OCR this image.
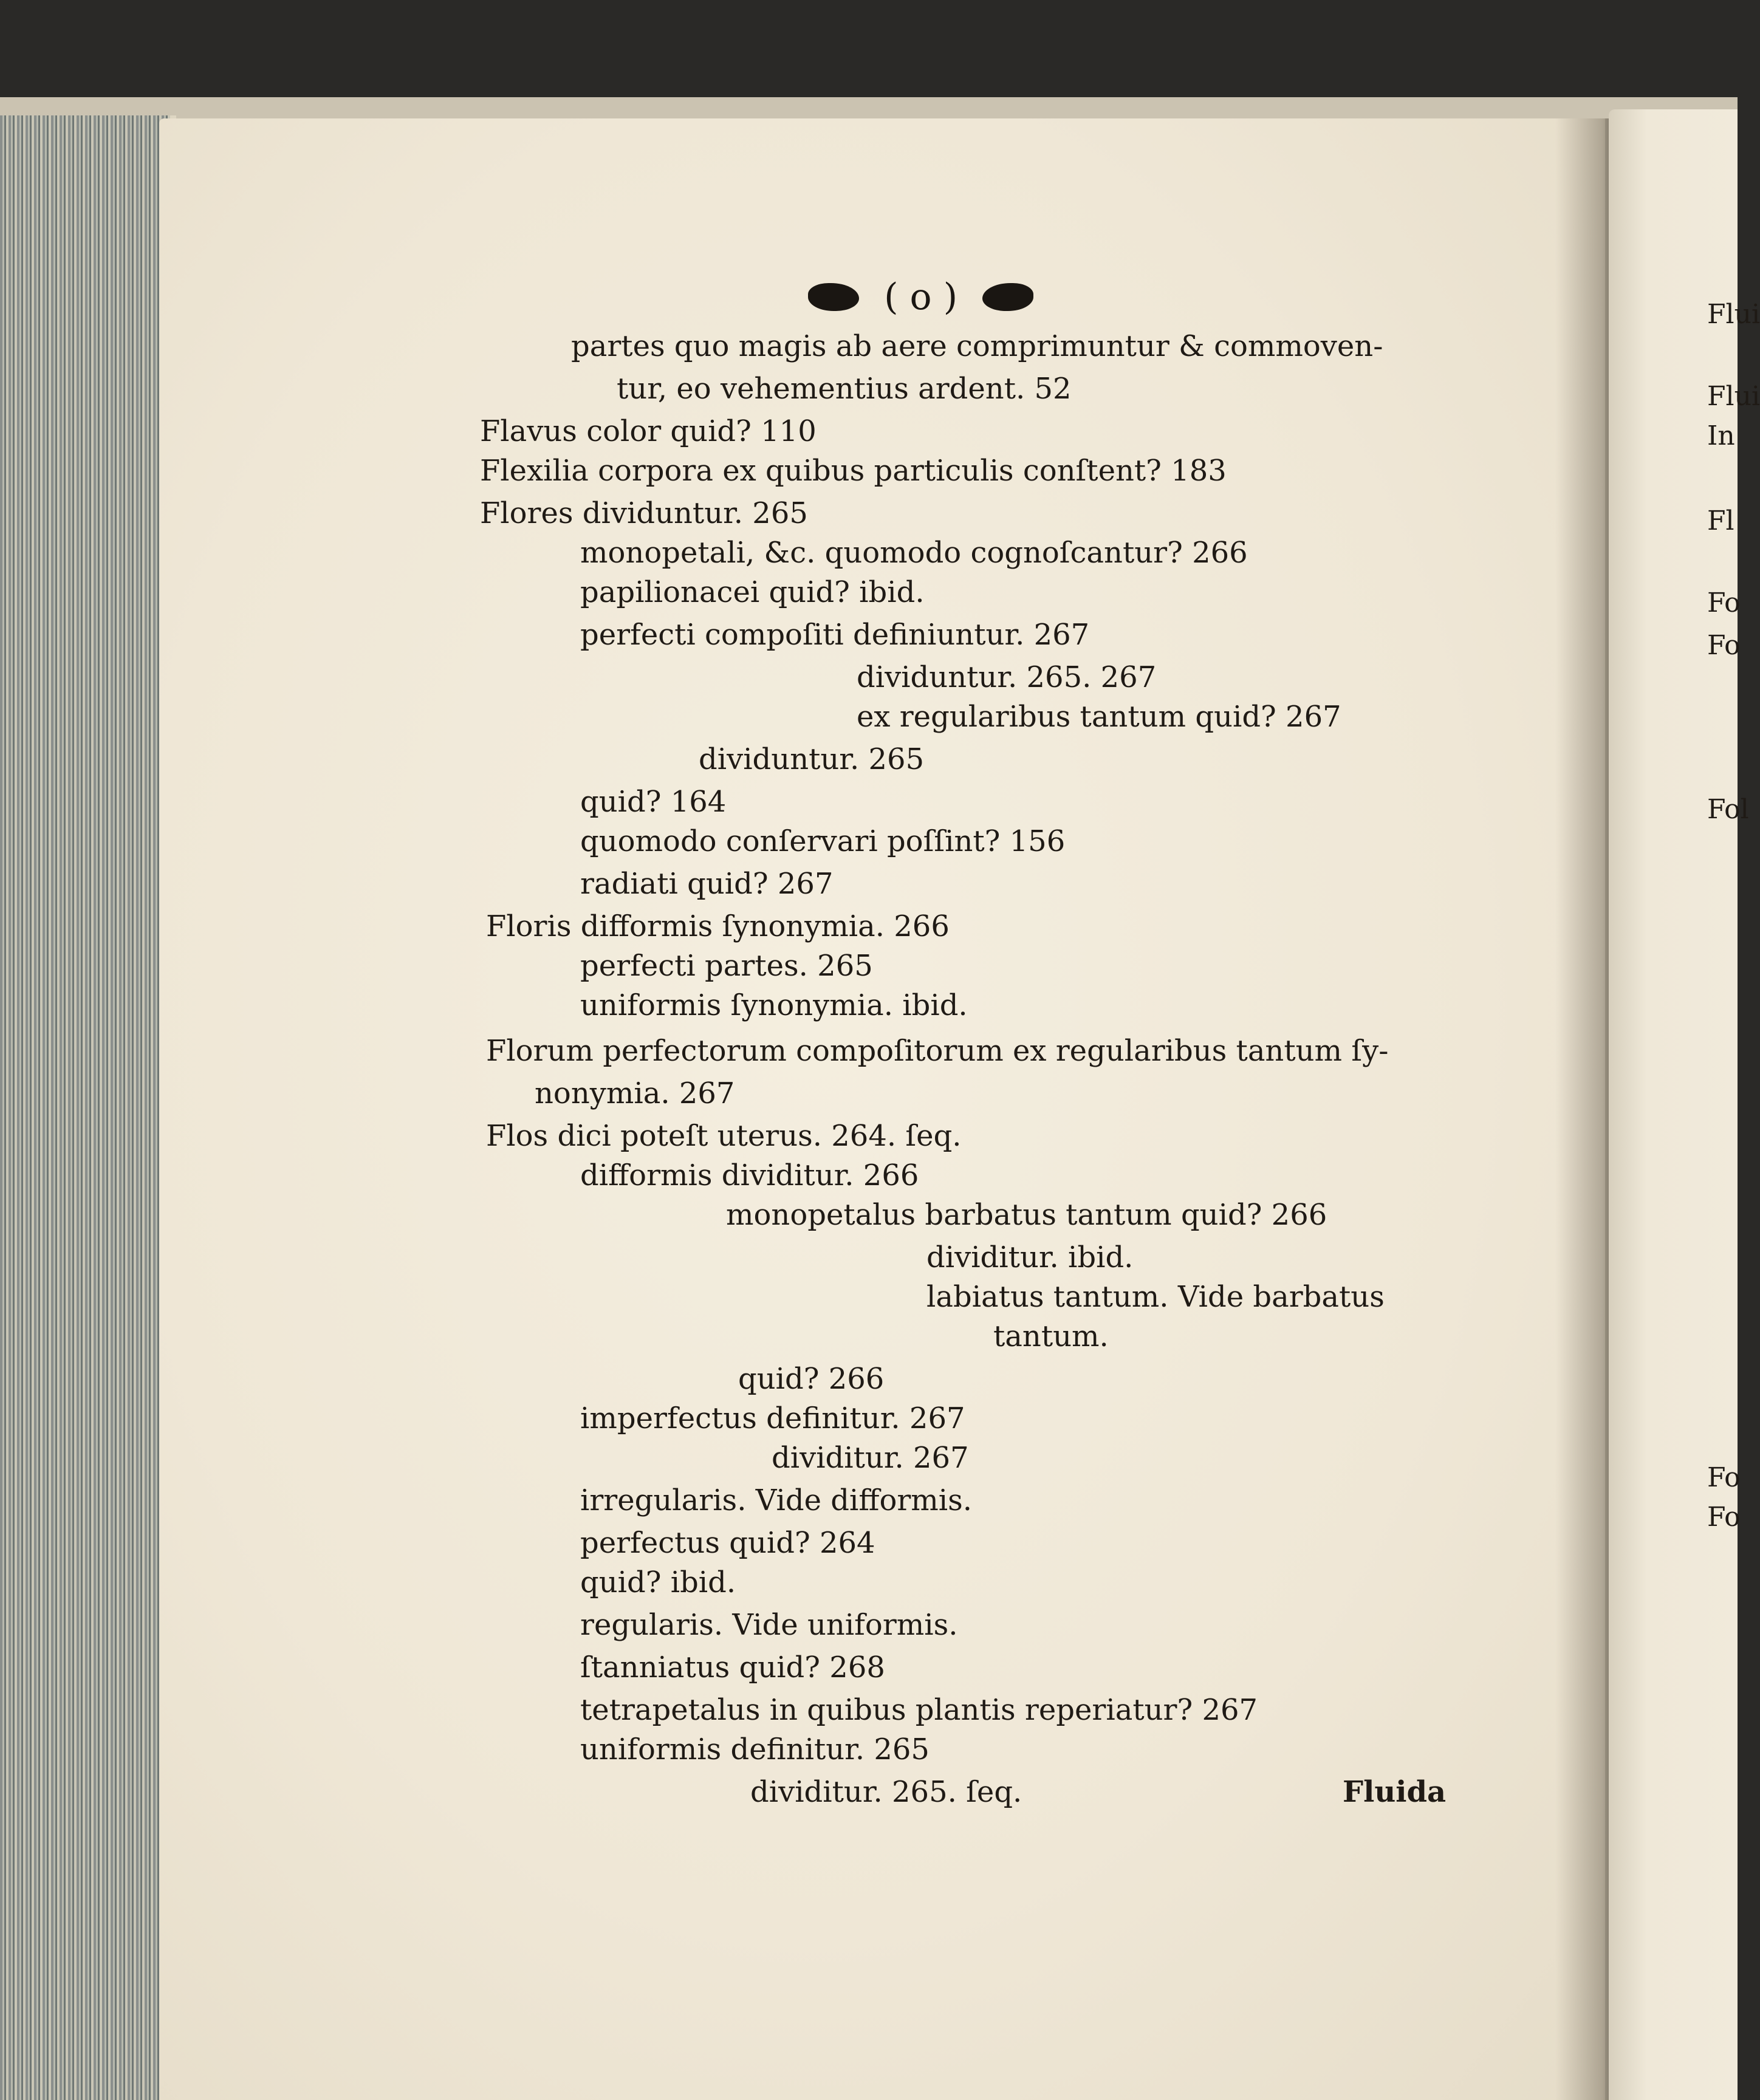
( o )

partes quo magis ab aere comprimuntur & commoven-

tur, eo vehementius ardent. 52

Flavus color quid? 110

Flexilia corpora ex quibus particulis conſtent? 183

Flores dividuntur. 265

monopetali, &c. quomodo cognoſcantur? 266

papilionacei quid? ibid.

perfecti compoſiti definiuntur. 267

dividuntur. 265. 267

ex regularibus tantum quid? 267

dividuntur. 265

quid? 164

quomodo conſervari poſſint? 156

radiati quid? 267

Floris difformis ſynonymia. 266

perfecti partes. 265

uniformis ſynonymia. ibid.

Florum perfectorum compoſitorum ex regularibus tantum ſy-

nonymia. 267

Flos dici poteſt uterus. 264. ſeq.

difformis dividitur. 266

monopetalus barbatus tantum quid? 266

dividitur. ibid.

labiatus tantum. Vide barbatus

tantum.

quid? 266

imperfectus definitur. 267

dividitur. 267

irregularis. Vide difformis.

perfectus quid? 264

quid? ibid.

regularis. Vide uniformis.

ſtanniatus quid? 268

tetrapetalus in quibus plantis reperiatur? 267

uniformis definitur. 265

dividitur. 265. ſeq.	Fluida

Flui
Flui
In
Fl
Fo
Fo
Fol
Fo
Fo
